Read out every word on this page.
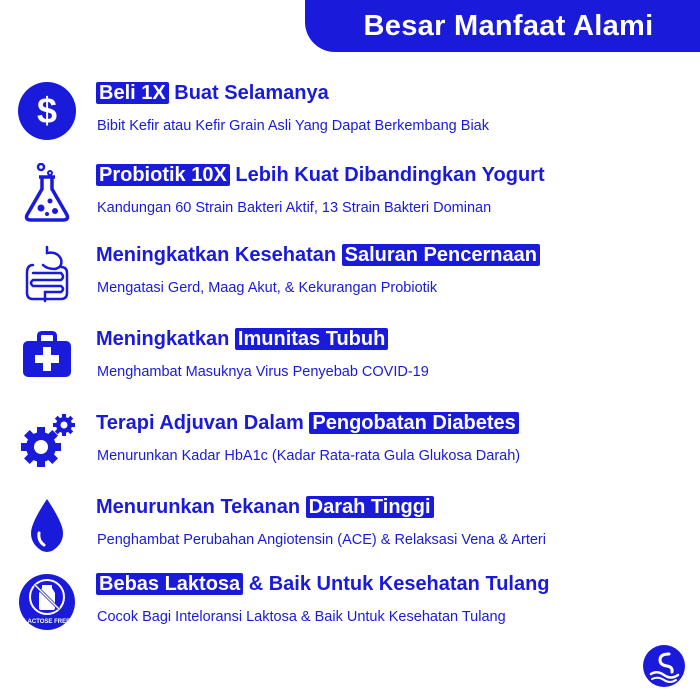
Besar Manfaat Alami
$ Beli 1X Buat Selamanya
Bibit Kefir atau Kefir Grain Asli Yang Dapat Berkembang Biak
Probiotik 10X Lebih Kuat Dibandingkan Yogurt
Kandungan 60 Strain Bakteri Aktif, 13 Strain Bakteri Dominan
Meningkatkan Kesehatan Saluran Pencernaan
Mengatasi Gerd, Maag Akut, & Kekurangan Probiotik
Meningkatkan Imunitas Tubuh
Menghambat Masuknya Virus Penyebab COVID-19
Terapi Adjuvan Dalam Pengobatan Diabetes
Menurunkan Kadar HbA1c (Kadar Rata-rata Gula Glukosa Darah)
Menurunkan Tekanan Darah Tinggi
Penghambat Perubahan Angiotensin (ACE) & Relaksasi Vena & Arteri
LACTOSE FREE
Bebas Laktosa & Baik Untuk Kesehatan Tulang
Cocok Bagi Inteloransi Laktosa & Baik Untuk Kesehatan Tulang
